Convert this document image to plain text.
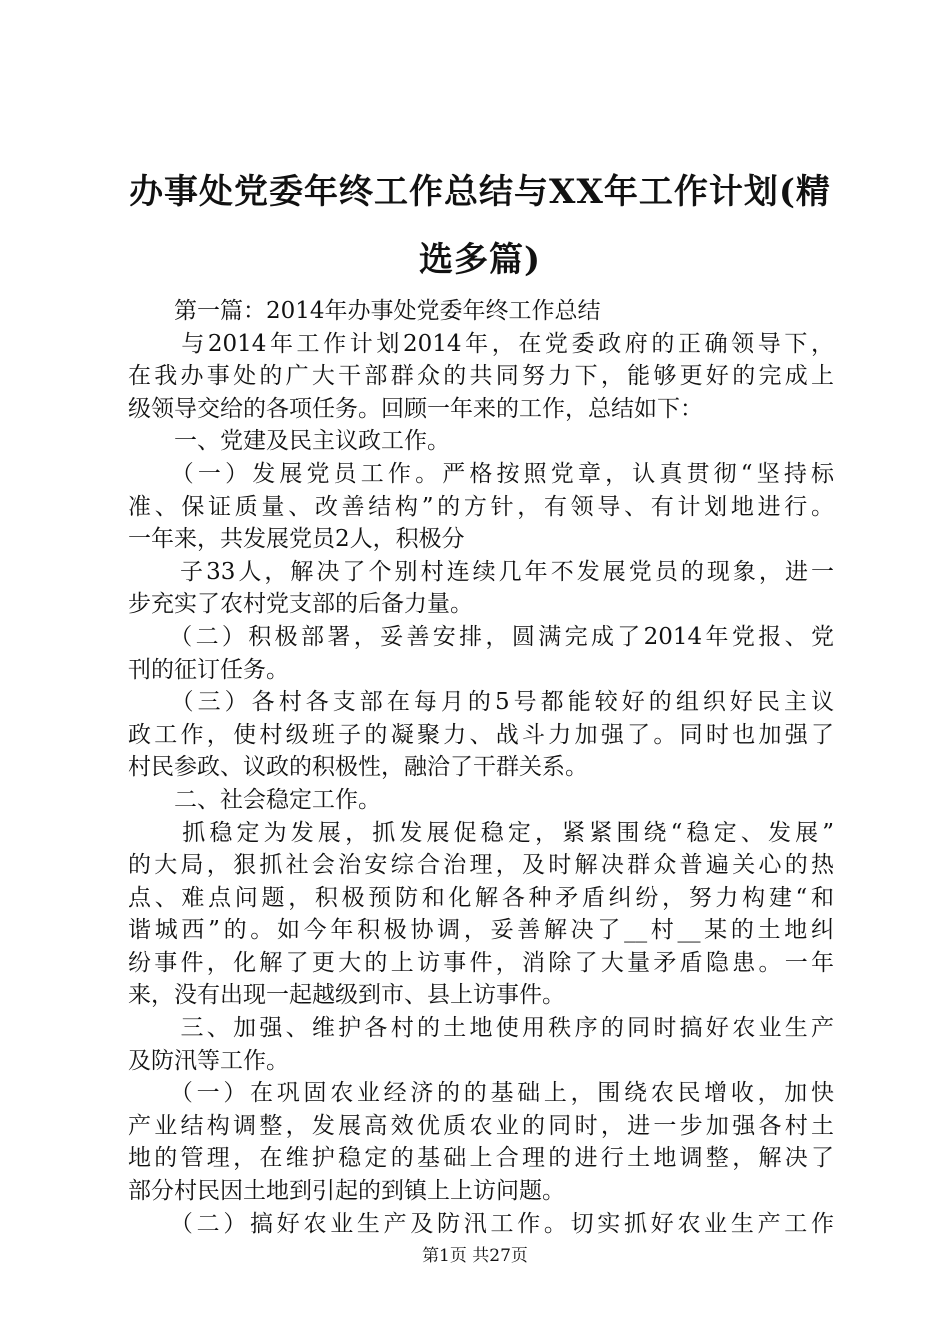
办事处党委年终工作总结与XX年工作计划(精
选多篇)
　　第一篇：2014年办事处党委年终工作总结
　　与2014年工作计划2014年，在党委政府的正确领导下，
在我办事处的广大干部群众的共同努力下，能够更好的完成上
级领导交给的各项任务。回顾一年来的工作，总结如下：
　　一、党建及民主议政工作。
　　（一）发展党员工作。严格按照党章，认真贯彻“坚持标
准、保证质量、改善结构”的方针，有领导、有计划地进行。
一年来，共发展党员2人，积极分
　　子33人，解决了个别村连续几年不发展党员的现象，进一
步充实了农村党支部的后备力量。
　　（二）积极部署，妥善安排，圆满完成了2014年党报、党
刊的征订任务。
　　（三）各村各支部在每月的5号都能较好的组织好民主议
政工作，使村级班子的凝聚力、战斗力加强了。同时也加强了
村民参政、议政的积极性，融洽了干群关系。
　　二、社会稳定工作。
　　抓稳定为发展，抓发展促稳定，紧紧围绕“稳定、发展”
的大局，狠抓社会治安综合治理，及时解决群众普遍关心的热
点、难点问题，积极预防和化解各种矛盾纠纷，努力构建“和
谐城西”的。如今年积极协调，妥善解决了__村__某的土地纠
纷事件，化解了更大的上访事件，消除了大量矛盾隐患。一年
来，没有出现一起越级到市、县上访事件。
　　三、加强、维护各村的土地使用秩序的同时搞好农业生产
及防汛等工作。
　　（一）在巩固农业经济的的基础上，围绕农民增收，加快
产业结构调整，发展高效优质农业的同时，进一步加强各村土
地的管理，在维护稳定的基础上合理的进行土地调整，解决了
部分村民因土地到引起的到镇上上访问题。
　　（二）搞好农业生产及防汛工作。切实抓好农业生产工作
第1页 共27页
